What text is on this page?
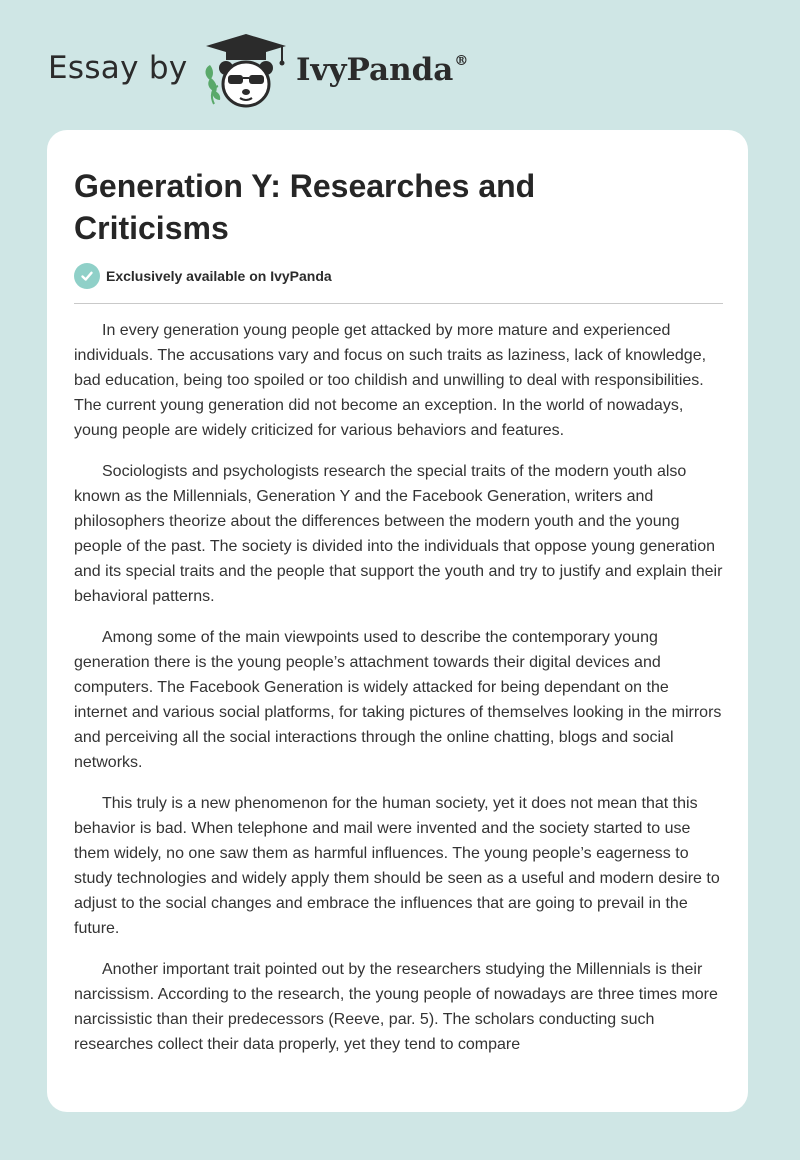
Essay by	IvyPanda®
Generation Y: Researches and Criticisms
Exclusively available on IvyPanda

In every generation young people get attacked by more mature and experienced individuals. The accusations vary and focus on such traits as laziness, lack of knowledge, bad education, being too spoiled or too childish and unwilling to deal with responsibilities. The current young generation did not become an exception. In the world of nowadays, young people are widely criticized for various behaviors and features.

Sociologists and psychologists research the special traits of the modern youth also known as the Millennials, Generation Y and the Facebook Generation, writers and philosophers theorize about the differences between the modern youth and the young people of the past. The society is divided into the individuals that oppose young generation and its special traits and the people that support the youth and try to justify and explain their behavioral patterns.

Among some of the main viewpoints used to describe the contemporary young generation there is the young people’s attachment towards their digital devices and computers. The Facebook Generation is widely attacked for being dependant on the internet and various social platforms, for taking pictures of themselves looking in the mirrors and perceiving all the social interactions through the online chatting, blogs and social networks.

This truly is a new phenomenon for the human society, yet it does not mean that this behavior is bad. When telephone and mail were invented and the society started to use them widely, no one saw them as harmful influences. The young people’s eagerness to study technologies and widely apply them should be seen as a useful and modern desire to adjust to the social changes and embrace the influences that are going to prevail in the future.

Another important trait pointed out by the researchers studying the Millennials is their narcissism. According to the research, the young people of nowadays are three times more narcissistic than their predecessors (Reeve, par. 5). The scholars conducting such researches collect their data properly, yet they tend to compare
